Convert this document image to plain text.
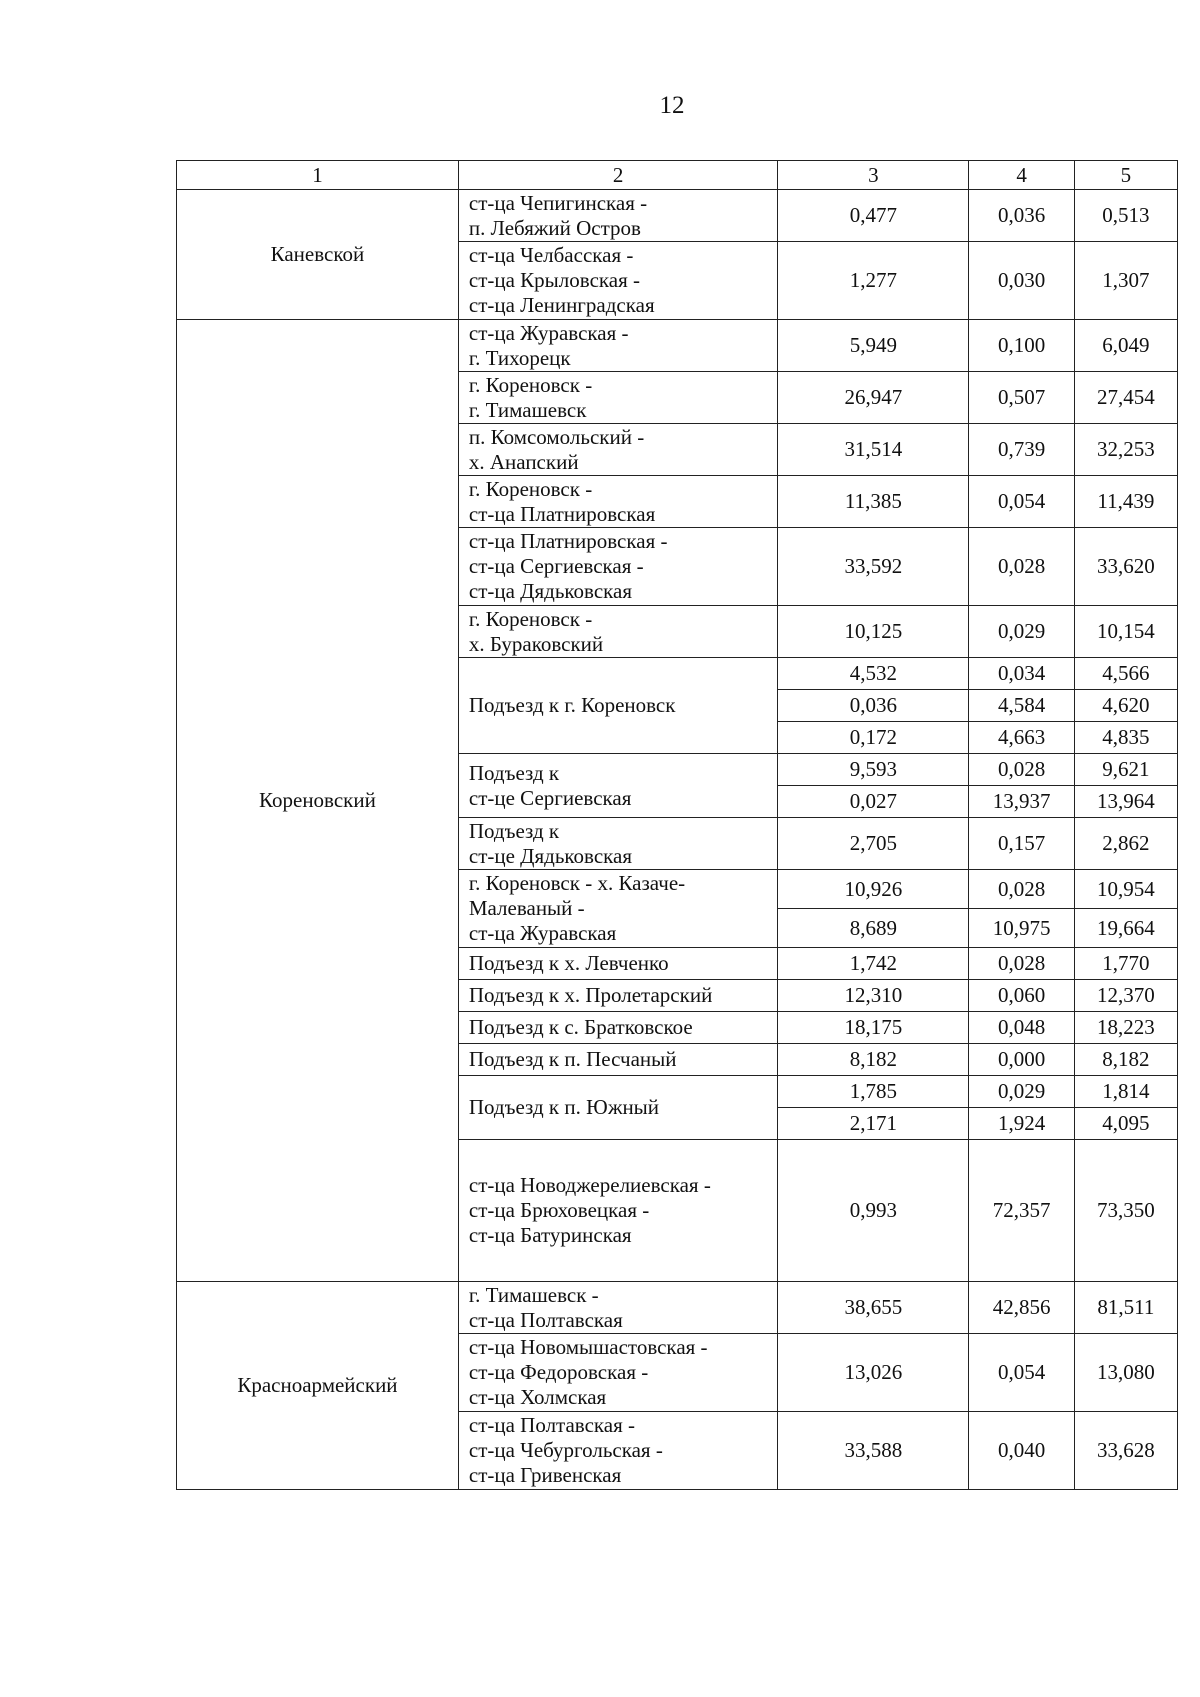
12
1	2	3	4	5
Каневской	ст-ца Чепигинская -
п. Лебяжий Остров	0,477	0,036	0,513

	ст-ца Челбасская -
ст-ца Крыловская -
ст-ца Ленинградская	1,277	0,030	1,307
Кореновский	ст-ца Журавская -
г. Тихорецк	5,949	0,100	6,049

	г. Кореновск -
г. Тимашевск	26,947	0,507	27,454

	п. Комсомольский -
х. Анапский	31,514	0,739	32,253

	г. Кореновск -
ст-ца Платнировская	11,385	0,054	11,439

	ст-ца Платнировская -
ст-ца Сергиевская -
ст-ца Дядьковская	33,592	0,028	33,620

	г. Кореновск -
х. Бураковский	10,125	0,029	10,154

	Подъезд к г. Кореновск	4,532	0,034	4,566
		0,036	4,584	4,620
		0,172	4,663	4,835

	Подъезд к
ст-це Сергиевская	9,593	0,028	9,621
		0,027	13,937	13,964

	Подъезд к
ст-це Дядьковская	2,705	0,157	2,862

	г. Кореновск - х. Казаче-
Малеваный -
ст-ца Журавская	10,926	0,028	10,954
		8,689	10,975	19,664

	Подъезд к х. Левченко	1,742	0,028	1,770

	Подъезд к х. Пролетарский	12,310	0,060	12,370

	Подъезд к с. Братковское	18,175	0,048	18,223

	Подъезд к п. Песчаный	8,182	0,000	8,182

	Подъезд к п. Южный	1,785	0,029	1,814
		2,171	1,924	4,095

	ст-ца Новоджерелиевская -
ст-ца Брюховецкая -
ст-ца Батуринская	0,993	72,357	73,350
Красноармейский	г. Тимашевск -
ст-ца Полтавская	38,655	42,856	81,511

	ст-ца Новомышастовская -
ст-ца Федоровская -
ст-ца Холмская	13,026	0,054	13,080

	ст-ца Полтавская -
ст-ца Чебургольская -
ст-ца Гривенская	33,588	0,040	33,628
